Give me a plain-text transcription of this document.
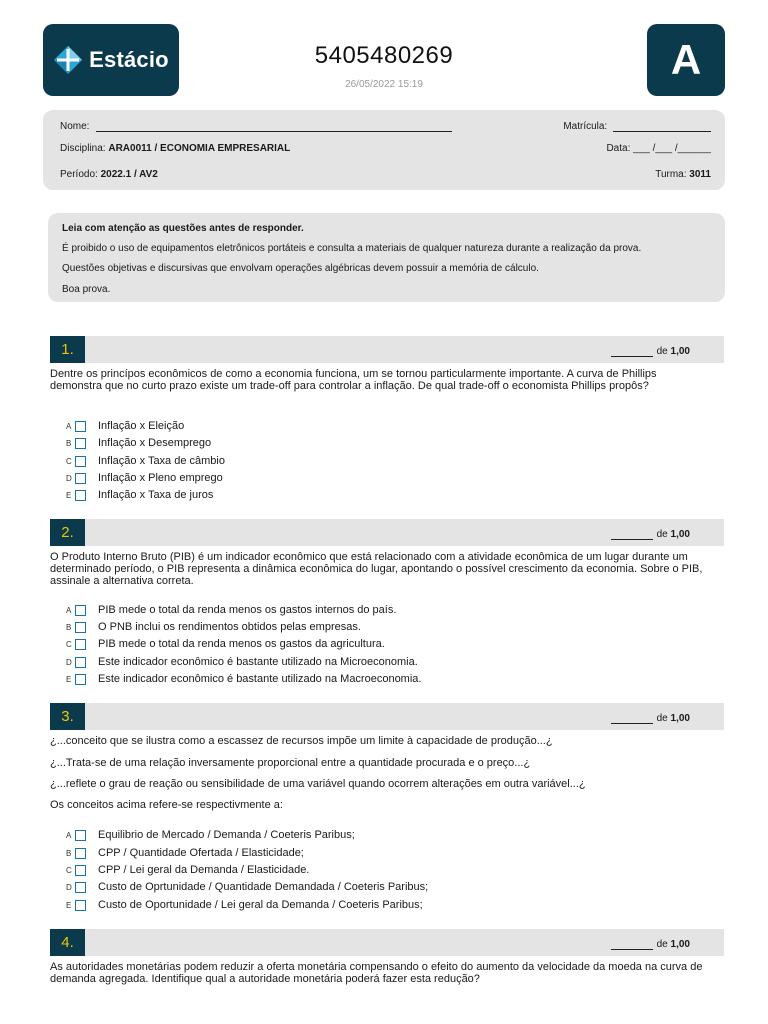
Estácio	5405480269
26/05/2022 15:19
A
Nome:	Matrícula:
Disciplina: ARA0011 / ECONOMIA EMPRESARIAL	Data: ___ /___ /______
Período: 2022.1 / AV2	Turma: 3011

Leia com atenção as questões antes de responder.

É proibido o uso de equipamentos eletrônicos portáteis e consulta a materiais de qualquer natureza durante a realização da prova.

Questões objetivas e discursivas que envolvam operações algébricas devem possuir a memória de cálculo.

Boa prova.

1.	de 1,00

Dentre os princípos econômicos de como a economia funciona, um se tornou particularmente importante. A curva de Phillips demonstra que no curto prazo existe um trade-off para controlar a inflação. De qual trade-off o economista Phillips propôs?

A	Inflação x Eleição
B	Inflação x Desemprego
C Inflação x Taxa de câmbio
D Inflação x Pleno emprego
E	Inflação x Taxa de juros
2.	de 1,00

O Produto Interno Bruto (PIB) é um indicador econômico que está relacionado com a atividade econômica de um lugar durante um determinado período, o PIB representa a dinâmica econômica do lugar, apontando o possível crescimento da economia. Sobre o PIB, assinale a alternativa correta.

A	PIB mede o total da renda menos os gastos internos do país.
B	O PNB inclui os rendimentos obtidos pelas empresas.
C PIB mede o total da renda menos os gastos da agricultura.
D Este indicador econômico é bastante utilizado na Microeconomia.
E	Este indicador econômico é bastante utilizado na Macroeconomia.
3.	de 1,00

¿...conceito que se ilustra como a escassez de recursos impõe um limite à capacidade de produção...¿

¿...Trata-se de uma relação inversamente proporcional entre a quantidade procurada e o preço...¿

¿...reflete o grau de reação ou sensibilidade de uma variável quando ocorrem alterações em outra variável...¿

Os conceitos acima refere-se respectivmente a:

A	Equilibrio de Mercado / Demanda / Coeteris Paribus;
B	CPP / Quantidade Ofertada / Elasticidade;
C CPP / Lei geral da Demanda / Elasticidade.
D Custo de Oprtunidade / Quantidade Demandada / Coeteris Paribus;
E	Custo de Oportunidade / Lei geral da Demanda / Coeteris Paribus;
4.	de 1,00

As autoridades monetárias podem reduzir a oferta monetária compensando o efeito do aumento da velocidade da moeda na curva de demanda agregada. Identifique qual a autoridade monetária poderá fazer esta redução?
